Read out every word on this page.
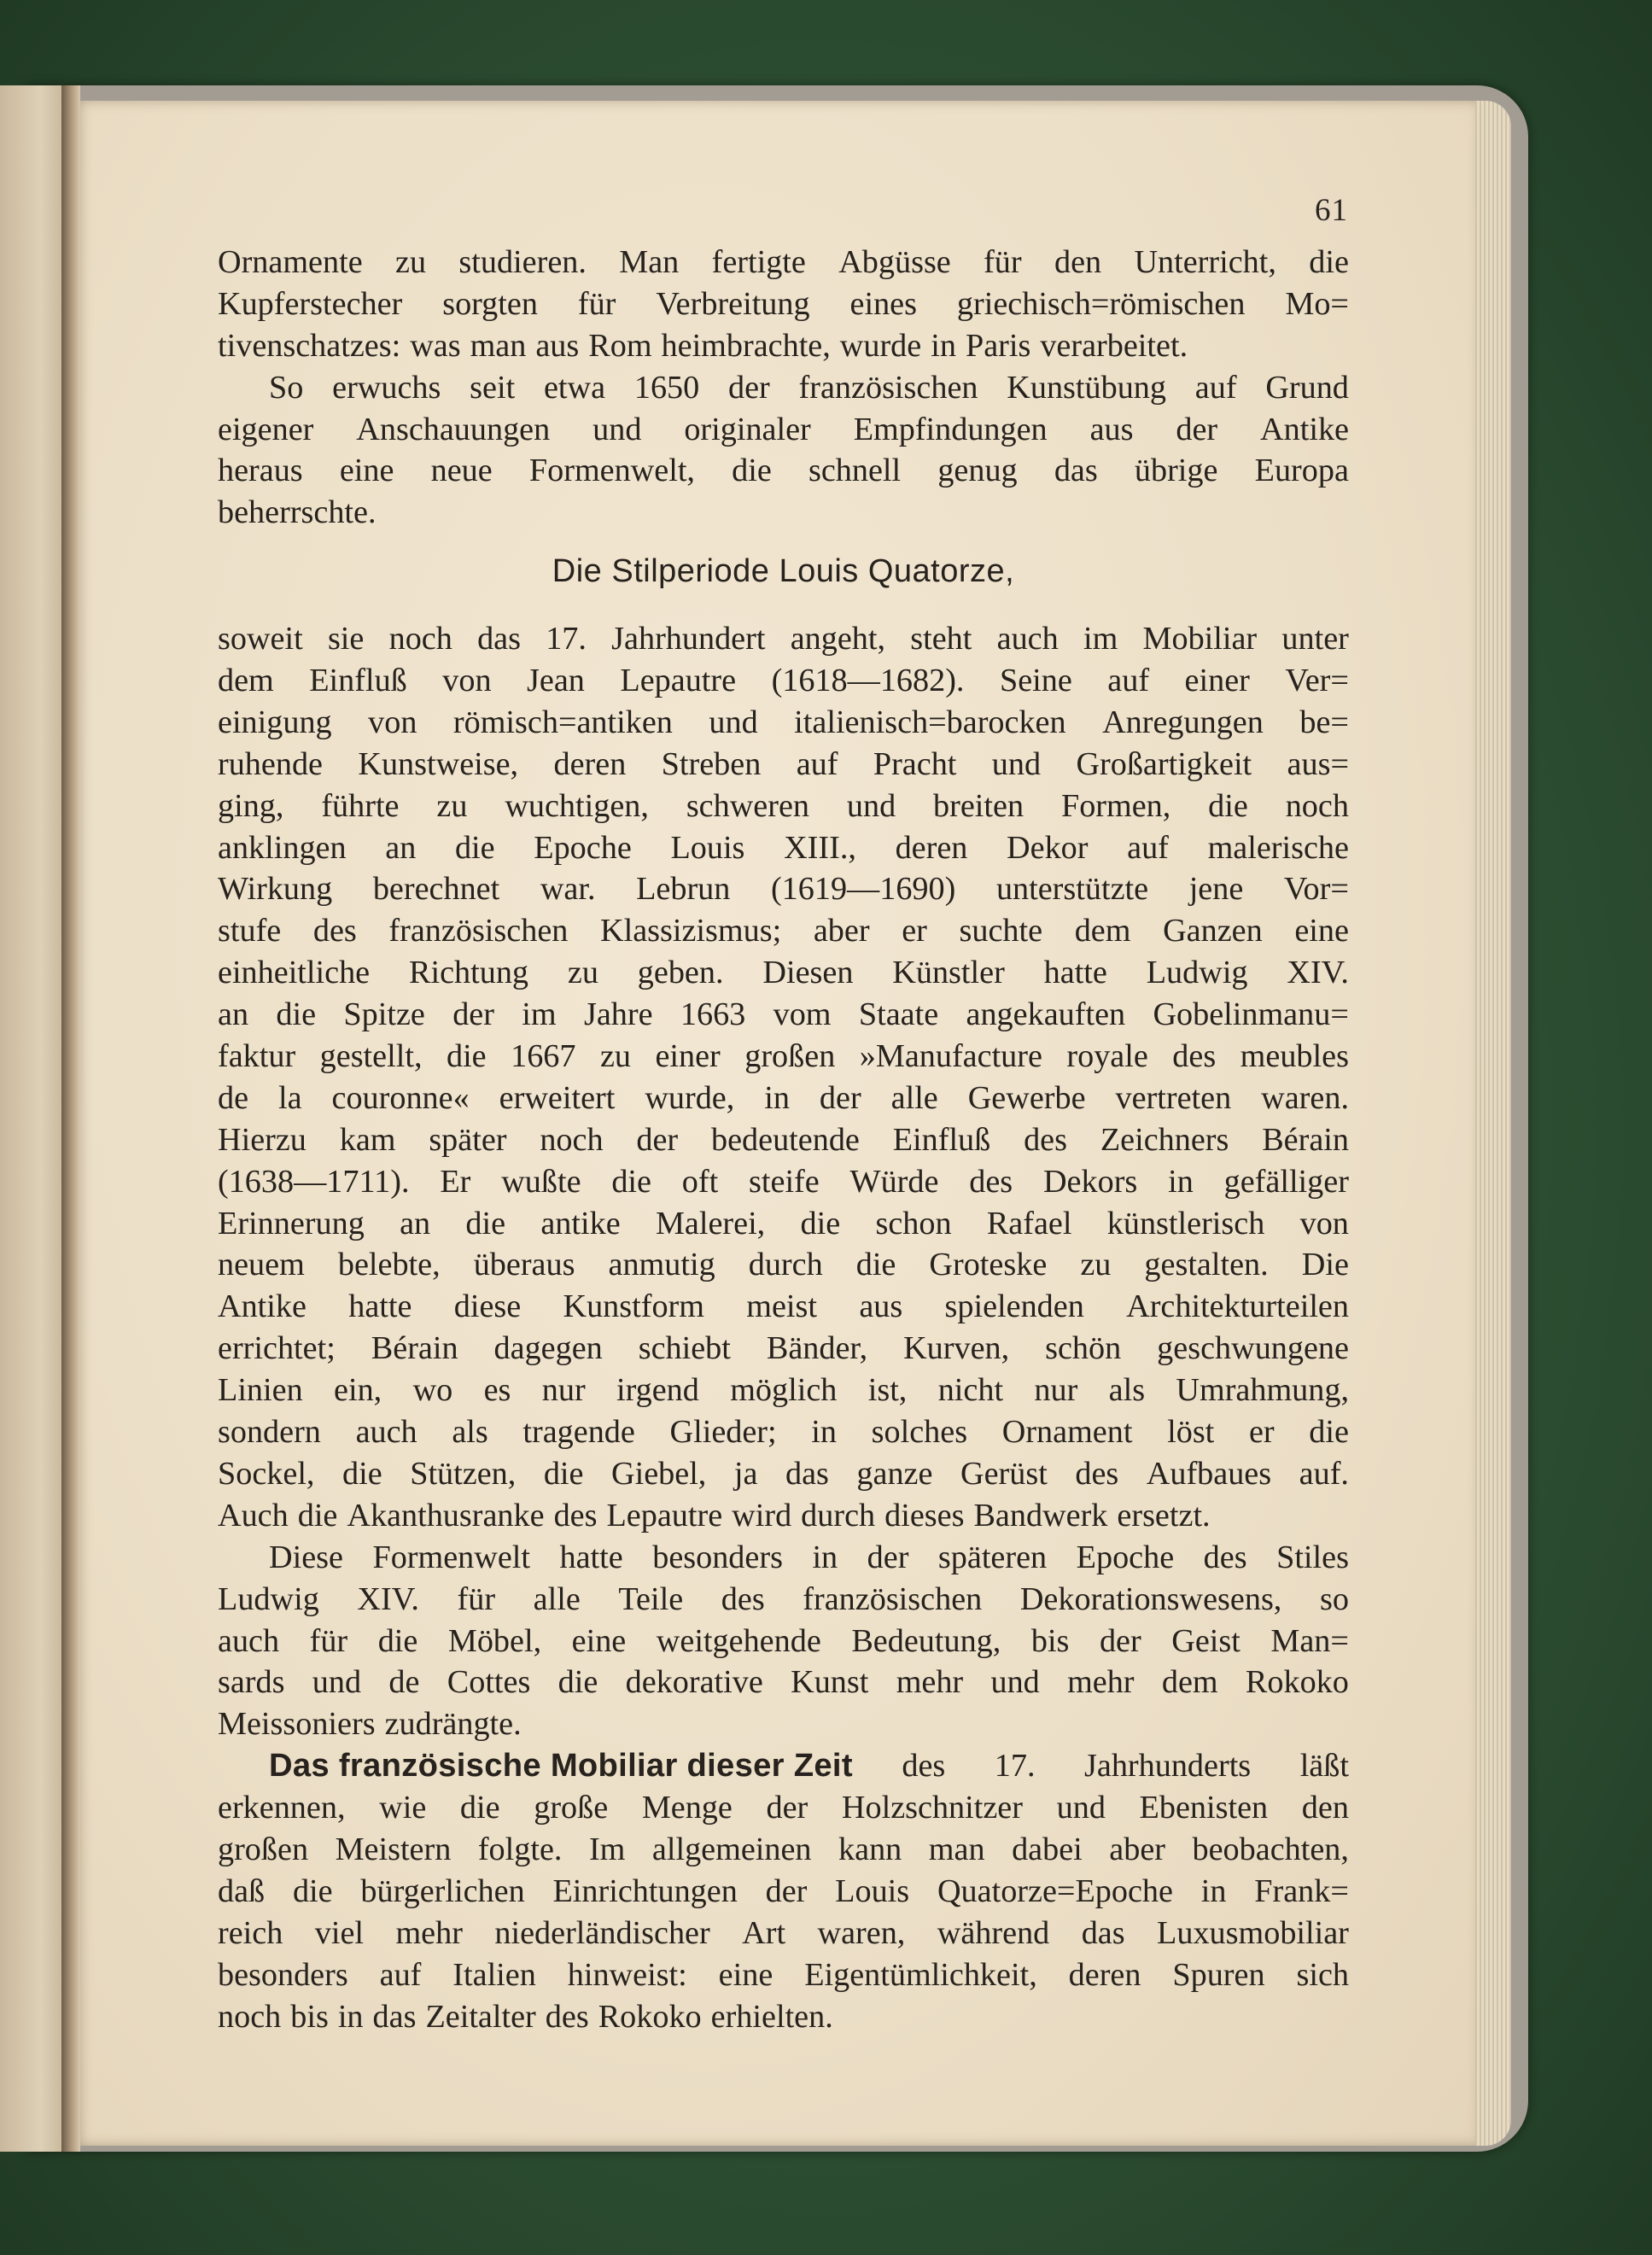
61
Ornamente zu studieren. Man fertigte Abgüsse für den Unterricht, die
Kupferstecher sorgten für Verbreitung eines griechisch=römischen Mo=
tivenschatzes: was man aus Rom heimbrachte, wurde in Paris verarbeitet.
So erwuchs seit etwa 1650 der französischen Kunstübung auf Grund
eigener Anschauungen und originaler Empfindungen aus der Antike
heraus eine neue Formenwelt, die schnell genug das übrige Europa
beherrschte.
Die Stilperiode Louis Quatorze,
soweit sie noch das 17. Jahrhundert angeht, steht auch im Mobiliar unter
dem Einfluß von Jean Lepautre (1618—1682). Seine auf einer Ver=
einigung von römisch=antiken und italienisch=barocken Anregungen be=
ruhende Kunstweise, deren Streben auf Pracht und Großartigkeit aus=
ging, führte zu wuchtigen, schweren und breiten Formen, die noch
anklingen an die Epoche Louis XIII., deren Dekor auf malerische
Wirkung berechnet war. Lebrun (1619—1690) unterstützte jene Vor=
stufe des französischen Klassizismus; aber er suchte dem Ganzen eine
einheitliche Richtung zu geben. Diesen Künstler hatte Ludwig XIV.
an die Spitze der im Jahre 1663 vom Staate angekauften Gobelinmanu=
faktur gestellt, die 1667 zu einer großen »Manufacture royale des meubles
de la couronne« erweitert wurde, in der alle Gewerbe vertreten waren.
Hierzu kam später noch der bedeutende Einfluß des Zeichners Bérain
(1638—1711). Er wußte die oft steife Würde des Dekors in gefälliger
Erinnerung an die antike Malerei, die schon Rafael künstlerisch von
neuem belebte, überaus anmutig durch die Groteske zu gestalten. Die
Antike hatte diese Kunstform meist aus spielenden Architekturteilen
errichtet; Bérain dagegen schiebt Bänder, Kurven, schön geschwungene
Linien ein, wo es nur irgend möglich ist, nicht nur als Umrahmung,
sondern auch als tragende Glieder; in solches Ornament löst er die
Sockel, die Stützen, die Giebel, ja das ganze Gerüst des Aufbaues auf.
Auch die Akanthusranke des Lepautre wird durch dieses Bandwerk ersetzt.
Diese Formenwelt hatte besonders in der späteren Epoche des Stiles
Ludwig XIV. für alle Teile des französischen Dekorationswesens, so
auch für die Möbel, eine weitgehende Bedeutung, bis der Geist Man=
sards und de Cottes die dekorative Kunst mehr und mehr dem Rokoko
Meissoniers zudrängte.
Das französische Mobiliar dieser Zeit des 17. Jahrhunderts läßt
erkennen, wie die große Menge der Holzschnitzer und Ebenisten den
großen Meistern folgte. Im allgemeinen kann man dabei aber beobachten,
daß die bürgerlichen Einrichtungen der Louis Quatorze=Epoche in Frank=
reich viel mehr niederländischer Art waren, während das Luxusmobiliar
besonders auf Italien hinweist: eine Eigentümlichkeit, deren Spuren sich
noch bis in das Zeitalter des Rokoko erhielten.
